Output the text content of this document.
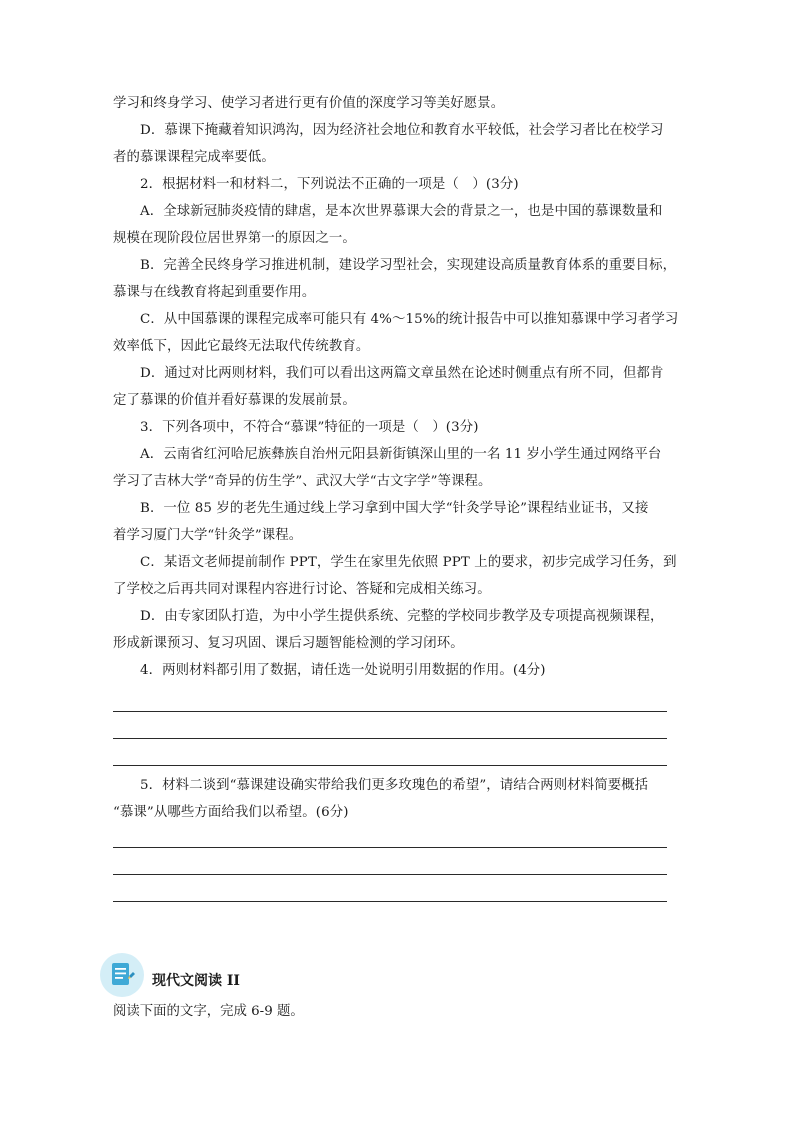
学习和终身学习、使学习者进行更有价值的深度学习等美好愿景。
D．慕课下掩藏着知识鸿沟，因为经济社会地位和教育水平较低，社会学习者比在校学习
者的慕课课程完成率要低。
2．根据材料一和材料二，下列说法不正确的一项是（　）(3分)
A．全球新冠肺炎疫情的肆虐，是本次世界慕课大会的背景之一，也是中国的慕课数量和
规模在现阶段位居世界第一的原因之一。
B．完善全民终身学习推进机制，建设学习型社会，实现建设高质量教育体系的重要目标，
慕课与在线教育将起到重要作用。
C．从中国慕课的课程完成率可能只有 4%～15%的统计报告中可以推知慕课中学习者学习
效率低下，因此它最终无法取代传统教育。
D．通过对比两则材料，我们可以看出这两篇文章虽然在论述时侧重点有所不同，但都肯
定了慕课的价值并看好慕课的发展前景。
3．下列各项中，不符合“慕课”特征的一项是（　）(3分)
A．云南省红河哈尼族彝族自治州元阳县新街镇深山里的一名 11 岁小学生通过网络平台
学习了吉林大学“奇异的仿生学”、武汉大学“古文字学”等课程。
B．一位 85 岁的老先生通过线上学习拿到中国大学“针灸学导论”课程结业证书，又接
着学习厦门大学“针灸学”课程。
C．某语文老师提前制作 PPT，学生在家里先依照 PPT 上的要求，初步完成学习任务，到
了学校之后再共同对课程内容进行讨论、答疑和完成相关练习。
D．由专家团队打造，为中小学生提供系统、完整的学校同步教学及专项提高视频课程，
形成新课预习、复习巩固、课后习题智能检测的学习闭环。
4．两则材料都引用了数据，请任选一处说明引用数据的作用。(4分)
5．材料二谈到“慕课建设确实带给我们更多玫瑰色的希望”，请结合两则材料简要概括
“慕课”从哪些方面给我们以希望。(6分)
现代文阅读 II
阅读下面的文字，完成 6-9 题。
